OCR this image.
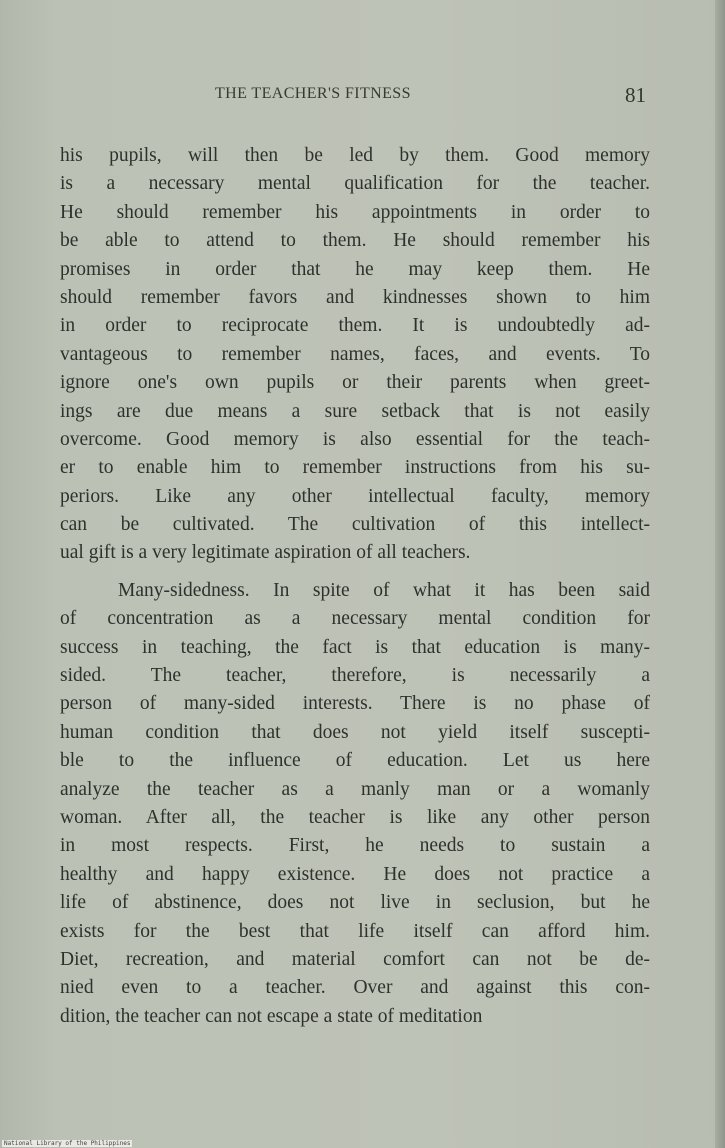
THE TEACHER'S FITNESS	81
his pupils, will then be led by them. Good memory
is a necessary mental qualification for the teacher.
He should remember his appointments in order to
be able to attend to them. He should remember his
promises in order that he may keep them. He
should remember favors and kindnesses shown to him
in order to reciprocate them. It is undoubtedly ad-
vantageous to remember names, faces, and events. To
ignore one's own pupils or their parents when greet-
ings are due means a sure setback that is not easily
overcome. Good memory is also essential for the teach-
er to enable him to remember instructions from his su-
periors. Like any other intellectual faculty, memory
can be cultivated. The cultivation of this intellect-
ual gift is a very legitimate aspiration of all teachers.
Many-sidedness. In spite of what it has been said
of concentration as a necessary mental condition for
success in teaching, the fact is that education is many-
sided. The teacher, therefore, is necessarily a
person of many-sided interests. There is no phase of
human condition that does not yield itself suscepti-
ble to the influence of education. Let us here
analyze the teacher as a manly man or a womanly
woman. After all, the teacher is like any other person
in most respects. First, he needs to sustain a
healthy and happy existence. He does not practice a
life of abstinence, does not live in seclusion, but he
exists for the best that life itself can afford him.
Diet, recreation, and material comfort can not be de-
nied even to a teacher. Over and against this con-
dition, the teacher can not escape a state of meditation
National Library of the Philippines
